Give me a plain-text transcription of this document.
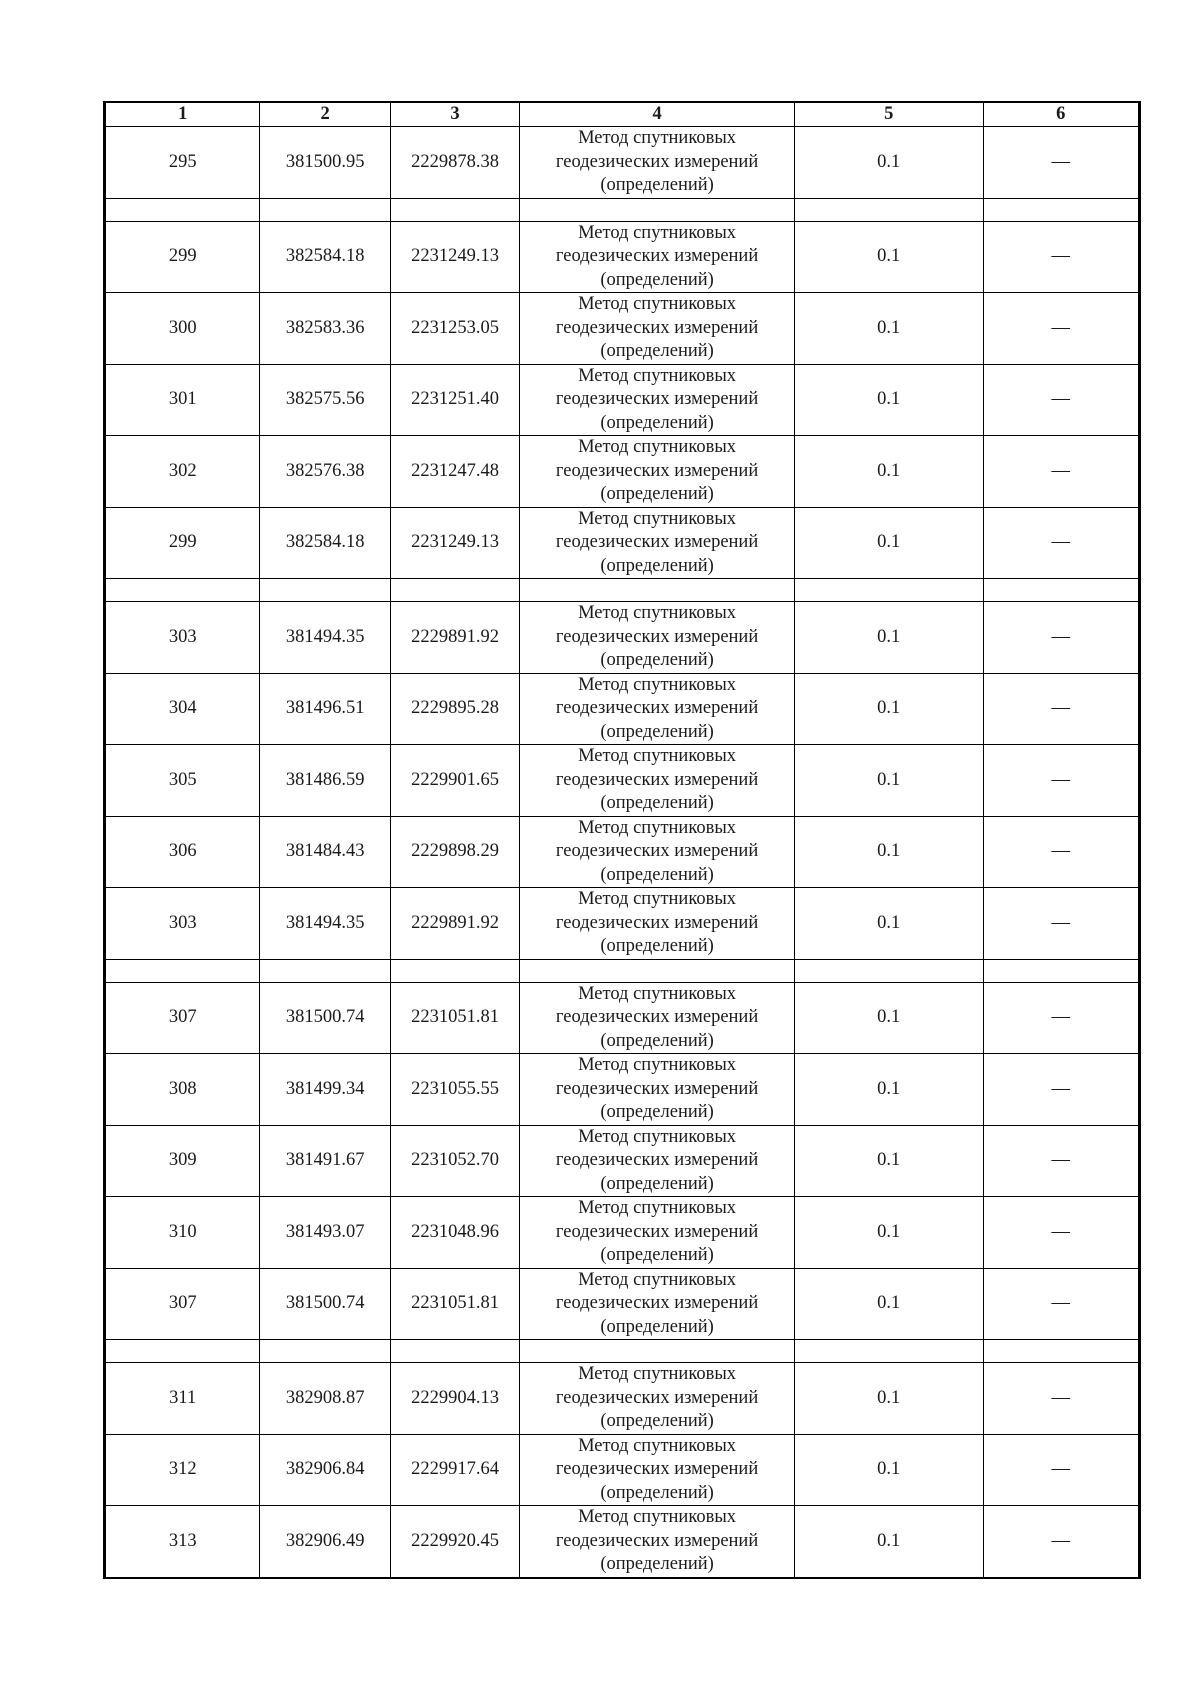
1	2	3	4	5	6
295	381500.95	2229878.38	Метод спутниковых
геодезических измерений
(определений)	0.1	—

299	382584.18	2231249.13	Метод спутниковых
геодезических измерений
(определений)	0.1	—
300	382583.36	2231253.05	Метод спутниковых
геодезических измерений
(определений)	0.1	—
301	382575.56	2231251.40	Метод спутниковых
геодезических измерений
(определений)	0.1	—
302	382576.38	2231247.48	Метод спутниковых
геодезических измерений
(определений)	0.1	—
299	382584.18	2231249.13	Метод спутниковых
геодезических измерений
(определений)	0.1	—

303	381494.35	2229891.92	Метод спутниковых
геодезических измерений
(определений)	0.1	—
304	381496.51	2229895.28	Метод спутниковых
геодезических измерений
(определений)	0.1	—
305	381486.59	2229901.65	Метод спутниковых
геодезических измерений
(определений)	0.1	—
306	381484.43	2229898.29	Метод спутниковых
геодезических измерений
(определений)	0.1	—
303	381494.35	2229891.92	Метод спутниковых
геодезических измерений
(определений)	0.1	—

307	381500.74	2231051.81	Метод спутниковых
геодезических измерений
(определений)	0.1	—
308	381499.34	2231055.55	Метод спутниковых
геодезических измерений
(определений)	0.1	—
309	381491.67	2231052.70	Метод спутниковых
геодезических измерений
(определений)	0.1	—
310	381493.07	2231048.96	Метод спутниковых
геодезических измерений
(определений)	0.1	—
307	381500.74	2231051.81	Метод спутниковых
геодезических измерений
(определений)	0.1	—

311	382908.87	2229904.13	Метод спутниковых
геодезических измерений
(определений)	0.1	—
312	382906.84	2229917.64	Метод спутниковых
геодезических измерений
(определений)	0.1	—
313	382906.49	2229920.45	Метод спутниковых
геодезических измерений
(определений)	0.1	—
